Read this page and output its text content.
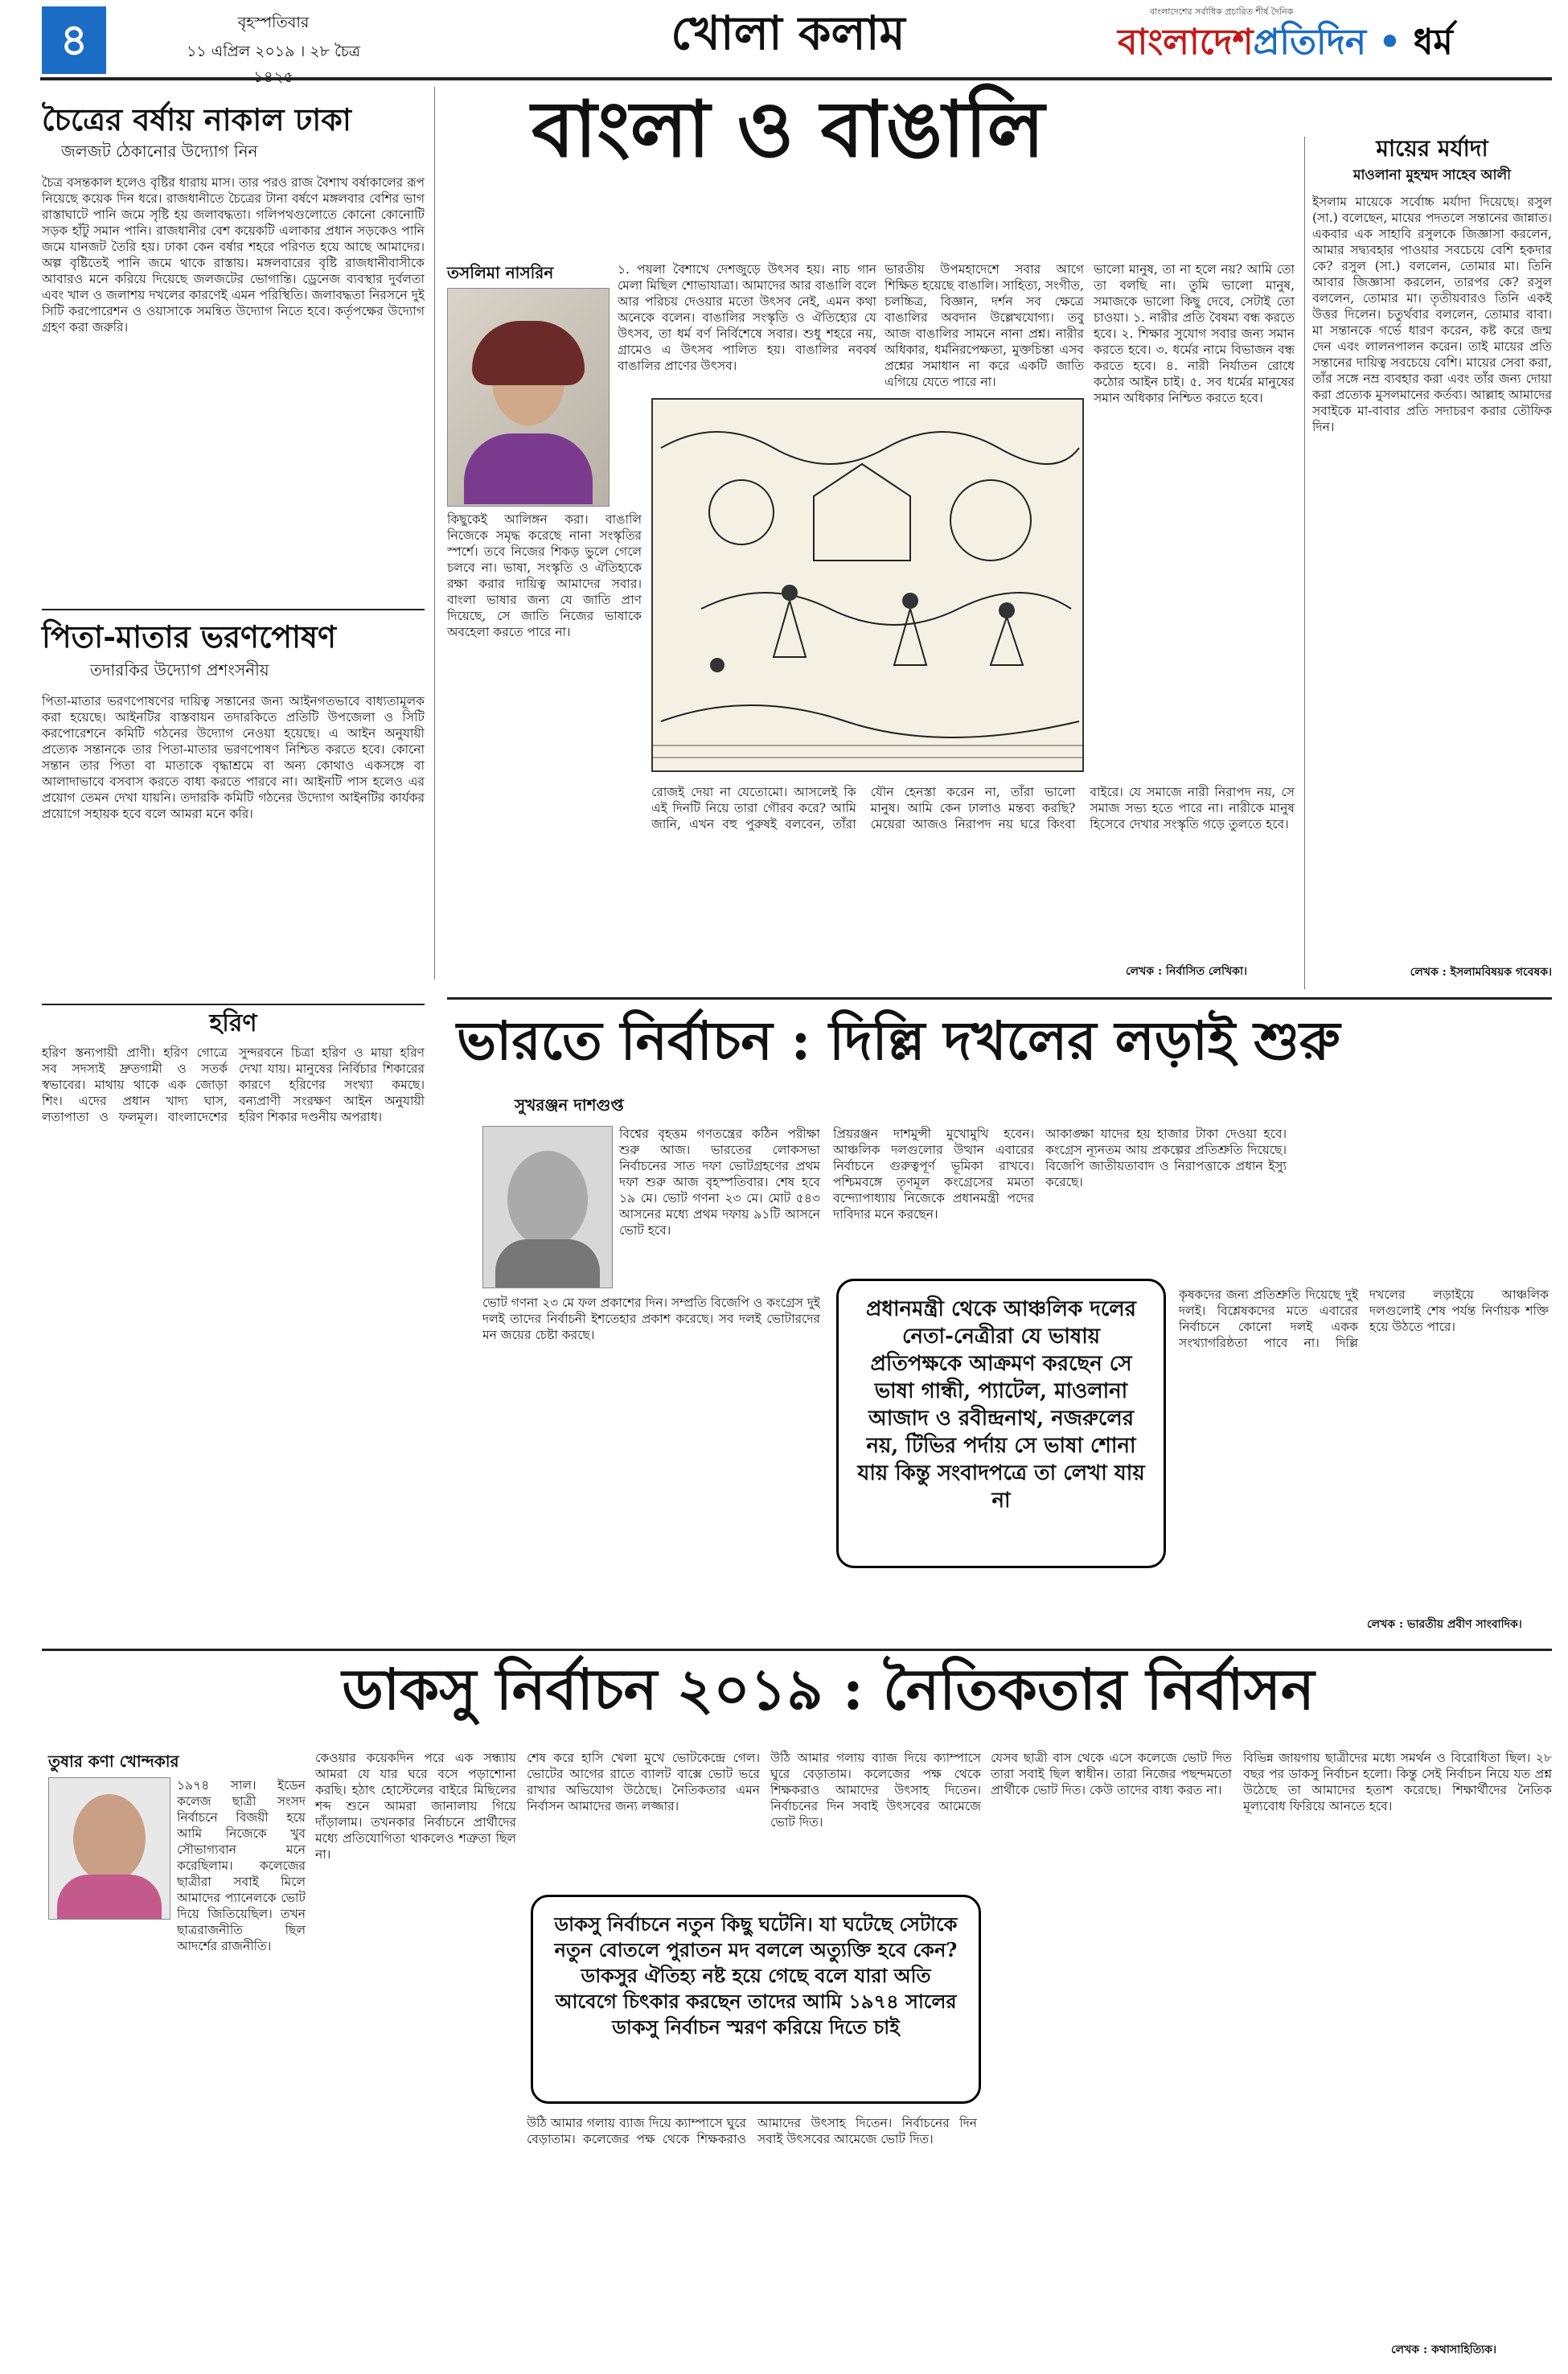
৪	বৃহস্পতিবার
১১ এপ্রিল ২০১৯ । ২৮ চৈত্র	খোলা কলাম	বাংলাদেশের সর্বাধিক প্রচারিত শীর্ষ দৈনিক
বাংলাদেশপ্রতিদিন • ধর্ম
চৈত্রের বর্ষায় নাকাল ঢাকা
জলজট ঠেকানোর উদ্যোগ নিন
চৈত্র বসন্তকাল হলেও বৃষ্টির ধারায় মাস। তার পরও রাজ বৈশাখ বর্ষাকালের রূপ নিয়েছে কয়েক দিন ধরে। রাজধানীতে চৈত্রের টানা বর্ষণে মঙ্গলবার বেশির ভাগ রাস্তাঘাটে পানি জমে সৃষ্টি হয় জলাবদ্ধতা। গলিপথগুলোতে কোনো কোনোটি সড়ক হাঁটু সমান পানি। রাজধানীর বেশ কয়েকটি এলাকার প্রধান সড়কেও পানি জমে যানজট তৈরি হয়। ঢাকা কেন বর্ষার শহরে পরিণত হয়ে আছে আমাদের। অল্প বৃষ্টিতেই পানি জমে থাকে রাস্তায়। মঙ্গলবারের বৃষ্টি রাজধানীবাসীকে আবারও মনে করিয়ে দিয়েছে জলজটের ভোগান্তি। ড্রেনেজ ব্যবস্থার দুর্বলতা এবং খাল ও জলাশয় দখলের কারণেই এমন পরিস্থিতি। জলাবদ্ধতা নিরসনে দুই সিটি করপোরেশন ও ওয়াসাকে সমন্বিত উদ্যোগ নিতে হবে। কর্তৃপক্ষের উদ্যোগ গ্রহণ করা জরুরি।
পিতা-মাতার ভরণপোষণ
তদারকির উদ্যোগ প্রশংসনীয়
পিতা-মাতার ভরণপোষণের দায়িত্ব সন্তানের জন্য আইনগতভাবে বাধ্যতামূলক করা হয়েছে। আইনটির বাস্তবায়ন তদারকিতে প্রতিটি উপজেলা ও সিটি করপোরেশনে কমিটি গঠনের উদ্যোগ নেওয়া হয়েছে। এ আইন অনুযায়ী প্রত্যেক সন্তানকে তার পিতা-মাতার ভরণপোষণ নিশ্চিত করতে হবে। কোনো সন্তান তার পিতা বা মাতাকে বৃদ্ধাশ্রমে বা অন্য কোথাও একসঙ্গে বা আলাদাভাবে বসবাস করতে বাধ্য করতে পারবে না। আইনটি পাস হলেও এর প্রয়োগ তেমন দেখা যায়নি। তদারকি কমিটি গঠনের উদ্যোগ আইনটির কার্যকর প্রয়োগে সহায়ক হবে বলে আমরা মনে করি।
হরিণ
হরিণ স্তন্যপায়ী প্রাণী। হরিণ গোত্রে সব সদস্যই দ্রুতগামী ও সতর্ক স্বভাবের। মাথায় থাকে এক জোড়া শিং। এদের প্রধান খাদ্য ঘাস, লতাপাতা ও ফলমূল। বাংলাদেশের সুন্দরবনে চিত্রা হরিণ ও মায়া হরিণ দেখা যায়। মানুষের নির্বিচার শিকারের কারণে হরিণের সংখ্যা কমছে। বন্যপ্রাণী সংরক্ষণ আইন অনুযায়ী হরিণ শিকার দণ্ডনীয় অপরাধ।
বাংলা ও বাঙালি
তসলিমা নাসরিন	১. পয়লা বৈশাখে দেশজুড়ে উৎসব হয়। নাচ গান মেলা মিছিল শোভাযাত্রা। আমাদের আর বাঙালি বলে আর পরিচয় দেওয়ার মতো উৎসব নেই, এমন কথা অনেকে বলেন। বাঙালির সংস্কৃতি ও ঐতিহ্যের যে উৎসব, তা ধর্ম বর্ণ নির্বিশেষে সবার। শুধু শহরে নয়, গ্রামেও এ উৎসব পালিত হয়। বাঙালির নববর্ষ বাঙালির প্রাণের উৎসব।
কিছুকেই আলিঙ্গন করা। বাঙালি নিজেকে সমৃদ্ধ করেছে নানা সংস্কৃতির স্পর্শে। তবে নিজের শিকড় ভুলে গেলে চলবে না। ভাষা, সংস্কৃতি ও ঐতিহ্যকে রক্ষা করার দায়িত্ব আমাদের সবার। বাংলা ভাষার জন্য যে জাতি প্রাণ দিয়েছে, সে জাতি নিজের ভাষাকে অবহেলা করতে পারে না।
ভারতীয় উপমহাদেশে সবার আগে শিক্ষিত হয়েছে বাঙালি। সাহিত্য, সংগীত, চলচ্চিত্র, বিজ্ঞান, দর্শন সব ক্ষেত্রে বাঙালির অবদান উল্লেখযোগ্য। তবু আজ বাঙালির সামনে নানা প্রশ্ন। নারীর অধিকার, ধর্মনিরপেক্ষতা, মুক্তচিন্তা এসব প্রশ্নের সমাধান না করে একটি জাতি এগিয়ে যেতে পারে না।
ভালো মানুষ, তা না হলে নয়? আমি তো তা বলছি না। তুমি ভালো মানুষ, সমাজকে ভালো কিছু দেবে, সেটাই তো চাওয়া। ১. নারীর প্রতি বৈষম্য বন্ধ করতে হবে। ২. শিক্ষার সুযোগ সবার জন্য সমান করতে হবে। ৩. ধর্মের নামে বিভাজন বন্ধ করতে হবে। ৪. নারী নির্যাতন রোধে কঠোর আইন চাই। ৫. সব ধর্মের মানুষের সমান অধিকার নিশ্চিত করতে হবে।
রোজই দেয়া না যেতোমো। আসলেই কি এই দিনটি নিয়ে তারা গৌরব করে? আমি জানি, এখন বহু পুরুষই বলবেন, তাঁরা যৌন হেনস্তা করেন না, তাঁরা ভালো মানুষ। আমি কেন ঢালাও মন্তব্য করছি? মেয়েরা আজও নিরাপদ নয় ঘরে কিংবা বাইরে। যে সমাজে নারী নিরাপদ নয়, সে সমাজ সভ্য হতে পারে না। নারীকে মানুষ হিসেবে দেখার সংস্কৃতি গড়ে তুলতে হবে।
লেখক : নির্বাসিত লেখিকা।
মায়ের মর্যাদা
মাওলানা মুহম্মদ সাহেব আলী
ইসলাম মায়েকে সর্বোচ্চ মর্যাদা দিয়েছে। রসুল (সা.) বলেছেন, মায়ের পদতলে সন্তানের জান্নাত। একবার এক সাহাবি রসুলকে জিজ্ঞাসা করলেন, আমার সদ্ব্যবহার পাওয়ার সবচেয়ে বেশি হকদার কে? রসুল (সা.) বললেন, তোমার মা। তিনি আবার জিজ্ঞাসা করলেন, তারপর কে? রসুল বললেন, তোমার মা। তৃতীয়বারও তিনি একই উত্তর দিলেন। চতুর্থবার বললেন, তোমার বাবা। মা সন্তানকে গর্ভে ধারণ করেন, কষ্ট করে জন্ম দেন এবং লালনপালন করেন। তাই মায়ের প্রতি সন্তানের দায়িত্ব সবচেয়ে বেশি। মায়ের সেবা করা, তাঁর সঙ্গে নম্র ব্যবহার করা এবং তাঁর জন্য দোয়া করা প্রত্যেক মুসলমানের কর্তব্য। আল্লাহ আমাদের সবাইকে মা-বাবার প্রতি সদাচরণ করার তৌফিক দিন।
লেখক : ইসলামবিষয়ক গবেষক।
ভারতে নির্বাচন : দিল্লি দখলের লড়াই শুরু
সুখরঞ্জন দাশগুপ্ত
বিশ্বের বৃহত্তম গণতন্ত্রের কঠিন পরীক্ষা শুরু আজ। ভারতের লোকসভা নির্বাচনের সাত দফা ভোটগ্রহণের প্রথম দফা শুরু আজ বৃহস্পতিবার। শেষ হবে ১৯ মে। ভোট গণনা ২৩ মে। মোট ৫৪৩ আসনের মধ্যে প্রথম দফায় ৯১টি আসনে ভোট হবে।
ভোট গণনা ২৩ মে ফল প্রকাশের দিন। সম্প্রতি বিজেপি ও কংগ্রেস দুই দলই তাদের নির্বাচনী ইশতেহার প্রকাশ করেছে। সব দলই ভোটারদের মন জয়ের চেষ্টা করছে।
প্রিয়রঞ্জন দাশমুন্সী মুখোমুখি হবেন। আঞ্চলিক দলগুলোর উত্থান এবারের নির্বাচনে গুরুত্বপূর্ণ ভূমিকা রাখবে। পশ্চিমবঙ্গে তৃণমূল কংগ্রেসের মমতা বন্দ্যোপাধ্যায় নিজেকে প্রধানমন্ত্রী পদের দাবিদার মনে করছেন।
প্রধানমন্ত্রী থেকে আঞ্চলিক দলের নেতা-নেত্রীরা যে ভাষায় প্রতিপক্ষকে আক্রমণ করছেন সে ভাষা গান্ধী, প্যাটেল, মাওলানা আজাদ ও রবীন্দ্রনাথ, নজরুলের নয়, টিভির পর্দায় সে ভাষা শোনা যায় কিন্তু সংবাদপত্রে তা লেখা যায় না
আকাঙ্ক্ষা যাদের হয় হাজার টাকা দেওয়া হবে। কংগ্রেস ন্যূনতম আয় প্রকল্পের প্রতিশ্রুতি দিয়েছে। বিজেপি জাতীয়তাবাদ ও নিরাপত্তাকে প্রধান ইস্যু করেছে।
কৃষকদের জন্য প্রতিশ্রুতি দিয়েছে দুই দলই। বিশ্লেষকদের মতে এবারের নির্বাচনে কোনো দলই একক সংখ্যাগরিষ্ঠতা পাবে না। দিল্লি দখলের লড়াইয়ে আঞ্চলিক দলগুলোই শেষ পর্যন্ত নির্ণায়ক শক্তি হয়ে উঠতে পারে।
লেখক : ভারতীয় প্রবীণ সাংবাদিক।
ডাকসু নির্বাচন ২০১৯ : নৈতিকতার নির্বাসন
তুষার কণা খোন্দকার
১৯৭৪ সাল। ইডেন কলেজ ছাত্রী সংসদ নির্বাচনে বিজয়ী হয়ে আমি নিজেকে খুব সৌভাগ্যবান মনে করেছিলাম। কলেজের ছাত্রীরা সবাই মিলে আমাদের প্যানেলকে ভোট দিয়ে জিতিয়েছিল। তখন ছাত্ররাজনীতি ছিল আদর্শের রাজনীতি।
কেওয়ার কয়েকদিন পরে এক সন্ধ্যায় আমরা যে যার ঘরে বসে পড়াশোনা করছি। হঠাৎ হোস্টেলের বাইরে মিছিলের শব্দ শুনে আমরা জানালায় গিয়ে দাঁড়ালাম। তখনকার নির্বাচনে প্রার্থীদের মধ্যে প্রতিযোগিতা থাকলেও শত্রুতা ছিল না।
শেষ করে হাসি খেলা মুখে ভোটকেন্দ্রে গেল। ভোটের আগের রাতে ব্যালট বাক্সে ভোট ভরে রাখার অভিযোগ উঠেছে। নৈতিকতার এমন নির্বাসন আমাদের জন্য লজ্জার।
ডাকসু নির্বাচনে নতুন কিছু ঘটেনি। যা ঘটেছে সেটাকে নতুন বোতলে পুরাতন মদ বললে অত্যুক্তি হবে কেন? ডাকসুর ঐতিহ্য নষ্ট হয়ে গেছে বলে যারা অতি আবেগে চিৎকার করছেন তাদের আমি ১৯৭৪ সালের ডাকসু নির্বাচন স্মরণ করিয়ে দিতে চাই
উঠি আমার গলায় ব্যাজ দিয়ে ক্যাম্পাসে ঘুরে বেড়াতাম। কলেজের পক্ষ থেকে শিক্ষকরাও আমাদের উৎসাহ দিতেন। নির্বাচনের দিন সবাই উৎসবের আমেজে ভোট দিত।
উঠি আমার গলায় ব্যাজ দিয়ে ক্যাম্পাসে ঘুরে বেড়াতাম। কলেজের পক্ষ থেকে শিক্ষকরাও আমাদের উৎসাহ দিতেন। নির্বাচনের দিন সবাই উৎসবের আমেজে ভোট দিত।
যেসব ছাত্রী বাস থেকে এসে কলেজে ভোট দিত তারা সবাই ছিল স্বাধীন। তারা নিজের পছন্দমতো প্রার্থীকে ভোট দিত। কেউ তাদের বাধ্য করত না।
বিভিন্ন জায়গায় ছাত্রীদের মধ্যে সমর্থন ও বিরোধিতা ছিল। ২৮ বছর পর ডাকসু নির্বাচন হলো। কিন্তু সেই নির্বাচন নিয়ে যত প্রশ্ন উঠেছে তা আমাদের হতাশ করেছে। শিক্ষার্থীদের নৈতিক মূল্যবোধ ফিরিয়ে আনতে হবে।
লেখক : কথাসাহিত্যিক।
